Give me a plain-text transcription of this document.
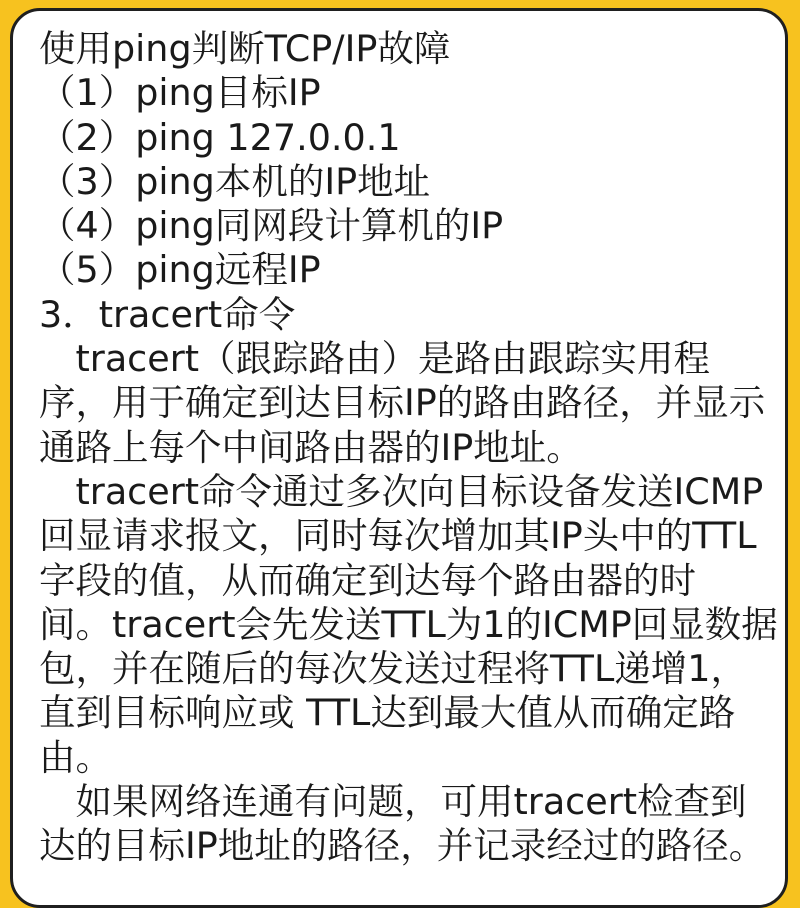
使用ping判断TCP/IP故障
（1）ping目标IP
（2）ping 127.0.0.1
（3）ping本机的IP地址
（4）ping同网段计算机的IP
（5）ping远程IP
3．tracert命令
　tracert（跟踪路由）是路由跟踪实用程
序，用于确定到达目标IP的路由路径，并显示
通路上每个中间路由器的IP地址。
　tracert命令通过多次向目标设备发送ICMP
回显请求报文，同时每次增加其IP头中的TTL
字段的值，从而确定到达每个路由器的时
间。tracert会先发送TTL为1的ICMP回显数据
包，并在随后的每次发送过程将TTL递增1，
直到目标响应或 TTL达到最大值从而确定路
由。
　如果网络连通有问题，可用tracert检查到
达的目标IP地址的路径，并记录经过的路径。
